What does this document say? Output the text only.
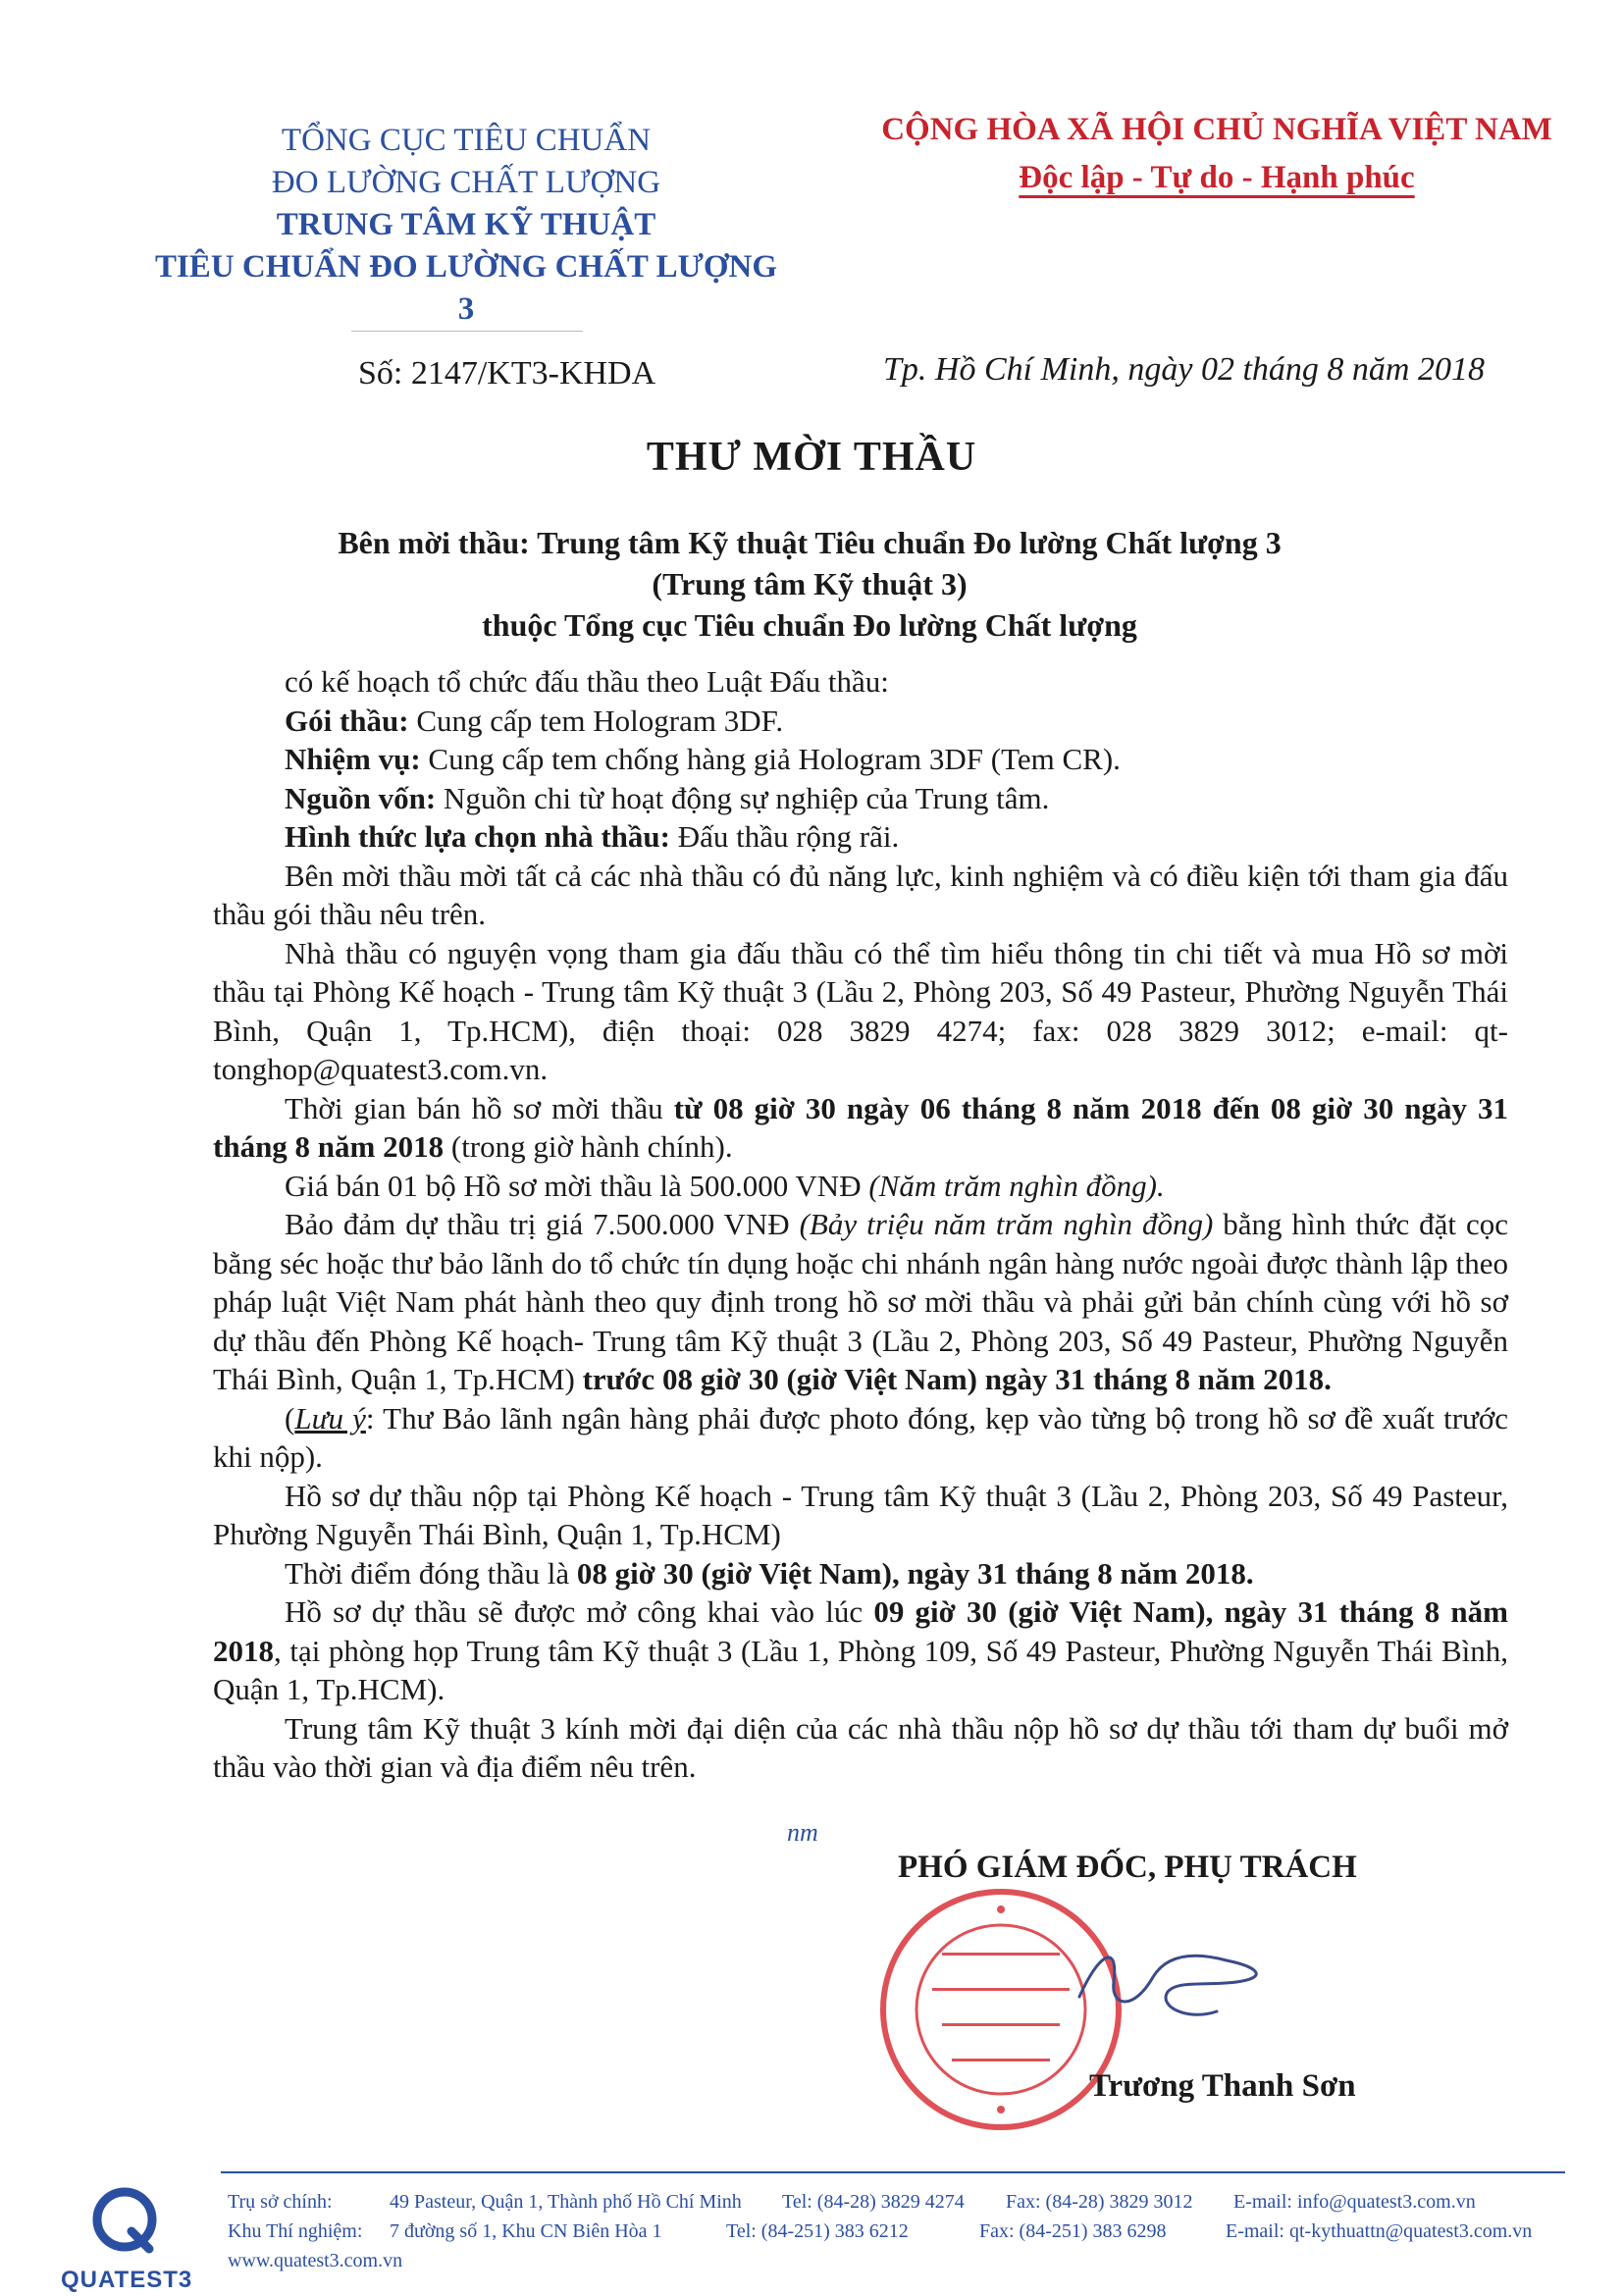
TỔNG CỤC TIÊU CHUẨN
ĐO LƯỜNG CHẤT LƯỢNG
TRUNG TÂM KỸ THUẬT
TIÊU CHUẨN ĐO LƯỜNG CHẤT LƯỢNG 3
CỘNG HÒA XÃ HỘI CHỦ NGHĨA VIỆT NAM
Độc lập - Tự do - Hạnh phúc
Số: 2147/KT3-KHDA	Tp. Hồ Chí Minh, ngày 02 tháng 8 năm 2018
THƯ MỜI THẦU
Bên mời thầu: Trung tâm Kỹ thuật Tiêu chuẩn Đo lường Chất lượng 3
(Trung tâm Kỹ thuật 3)
thuộc Tổng cục Tiêu chuẩn Đo lường Chất lượng

có kế hoạch tổ chức đấu thầu theo Luật Đấu thầu:

Gói thầu: Cung cấp tem Hologram 3DF.

Nhiệm vụ: Cung cấp tem chống hàng giả Hologram 3DF (Tem CR).

Nguồn vốn: Nguồn chi từ hoạt động sự nghiệp của Trung tâm.

Hình thức lựa chọn nhà thầu: Đấu thầu rộng rãi.

Bên mời thầu mời tất cả các nhà thầu có đủ năng lực, kinh nghiệm và có điều kiện tới tham gia đấu thầu gói thầu nêu trên.

Nhà thầu có nguyện vọng tham gia đấu thầu có thể tìm hiểu thông tin chi tiết và mua Hồ sơ mời thầu tại Phòng Kế hoạch - Trung tâm Kỹ thuật 3 (Lầu 2, Phòng 203, Số 49 Pasteur, Phường Nguyễn Thái Bình, Quận 1, Tp.HCM), điện thoại: 028 3829 4274; fax: 028 3829 3012; e-mail: qt-tonghop@quatest3.com.vn.

Thời gian bán hồ sơ mời thầu từ 08 giờ 30 ngày 06 tháng 8 năm 2018 đến 08 giờ 30 ngày 31 tháng 8 năm 2018 (trong giờ hành chính).

Giá bán 01 bộ Hồ sơ mời thầu là 500.000 VNĐ (Năm trăm nghìn đồng).

Bảo đảm dự thầu trị giá 7.500.000 VNĐ (Bảy triệu năm trăm nghìn đồng) bằng hình thức đặt cọc bằng séc hoặc thư bảo lãnh do tổ chức tín dụng hoặc chi nhánh ngân hàng nước ngoài được thành lập theo pháp luật Việt Nam phát hành theo quy định trong hồ sơ mời thầu và phải gửi bản chính cùng với hồ sơ dự thầu đến Phòng Kế hoạch- Trung tâm Kỹ thuật 3 (Lầu 2, Phòng 203, Số 49 Pasteur, Phường Nguyễn Thái Bình, Quận 1, Tp.HCM) trước 08 giờ 30 (giờ Việt Nam) ngày 31 tháng 8 năm 2018.

(Lưu ý: Thư Bảo lãnh ngân hàng phải được photo đóng, kẹp vào từng bộ trong hồ sơ đề xuất trước khi nộp).

Hồ sơ dự thầu nộp tại Phòng Kế hoạch - Trung tâm Kỹ thuật 3 (Lầu 2, Phòng 203, Số 49 Pasteur, Phường Nguyễn Thái Bình, Quận 1, Tp.HCM)

Thời điểm đóng thầu là 08 giờ 30 (giờ Việt Nam), ngày 31 tháng 8 năm 2018.

Hồ sơ dự thầu sẽ được mở công khai vào lúc 09 giờ 30 (giờ Việt Nam), ngày 31 tháng 8 năm 2018, tại phòng họp Trung tâm Kỹ thuật 3 (Lầu 1, Phòng 109, Số 49 Pasteur, Phường Nguyễn Thái Bình, Quận 1, Tp.HCM).

Trung tâm Kỹ thuật 3 kính mời đại diện của các nhà thầu nộp hồ sơ dự thầu tới tham dự buổi mở thầu vào thời gian và địa điểm nêu trên.

nm
PHÓ GIÁM ĐỐC, PHỤ TRÁCH
Trương Thanh Sơn
QUATEST3
Trụ sở chính:	49 Pasteur, Quận 1, Thành phố Hồ Chí Minh Tel: (84-28) 3829 4274 Fax: (84-28) 3829 3012 E-mail: info@quatest3.com.vn
Khu Thí nghiệm: 7 đường số 1, Khu CN Biên Hòa 1	Tel: (84-251) 383 6212	Fax: (84-251) 383 6298	E-mail: qt-kythuattn@quatest3.com.vn
www.quatest3.com.vn
